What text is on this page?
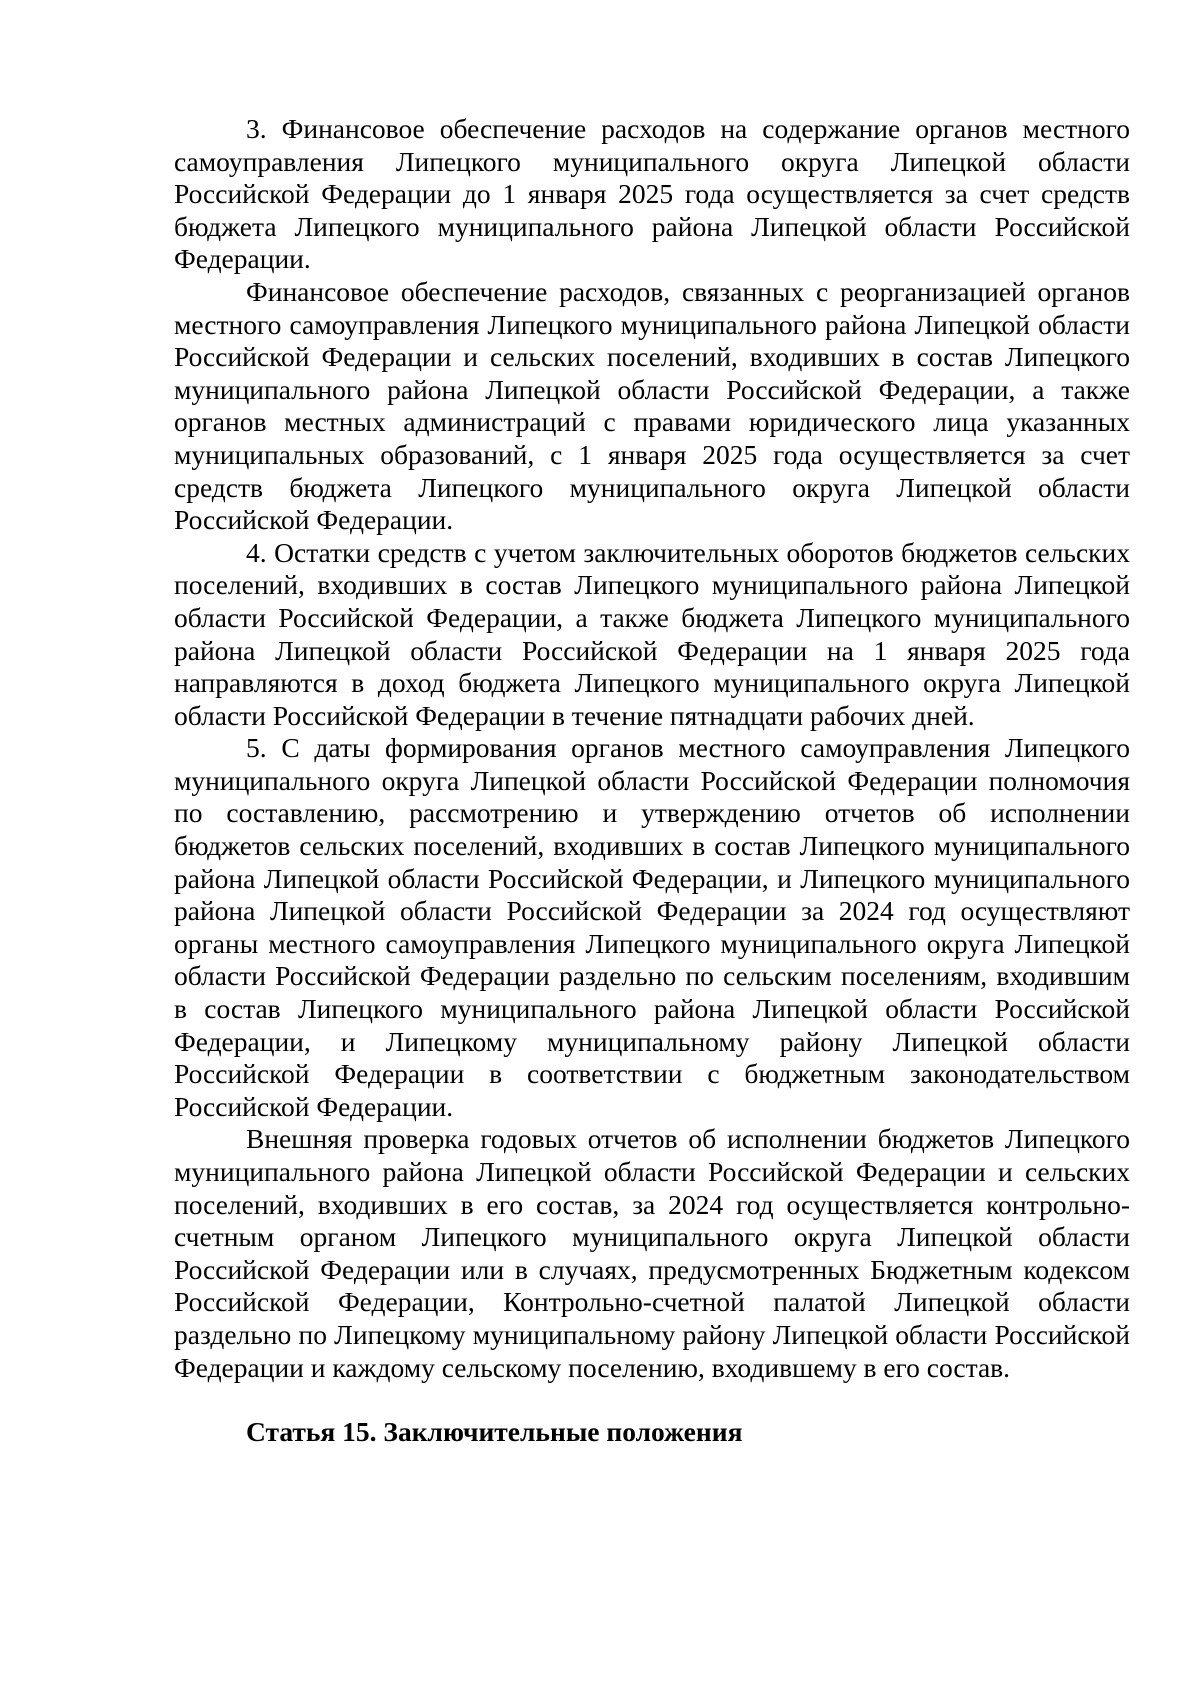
3. Финансовое обеспечение расходов на содержание органов местного самоуправления Липецкого муниципального округа Липецкой области Российской Федерации до 1 января 2025 года осуществляется за счет средств бюджета Липецкого муниципального района Липецкой области Российской Федерации.

Финансовое обеспечение расходов, связанных с реорганизацией органов местного самоуправления Липецкого муниципального района Липецкой области Российской Федерации и сельских поселений, входивших в состав Липецкого муниципального района Липецкой области Российской Федерации, а также органов местных администраций с правами юридического лица указанных муниципальных образований, с 1 января 2025 года осуществляется за счет средств бюджета Липецкого муниципального округа Липецкой области Российской Федерации.

4. Остатки средств с учетом заключительных оборотов бюджетов сельских поселений, входивших в состав Липецкого муниципального района Липецкой области Российской Федерации, а также бюджета Липецкого муниципального района Липецкой области Российской Федерации на 1 января 2025 года направляются в доход бюджета Липецкого муниципального округа Липецкой области Российской Федерации в течение пятнадцати рабочих дней.

5. С даты формирования органов местного самоуправления Липецкого муниципального округа Липецкой области Российской Федерации полномочия по составлению, рассмотрению и утверждению отчетов об исполнении бюджетов сельских поселений, входивших в состав Липецкого муниципального района Липецкой области Российской Федерации, и Липецкого муниципального района Липецкой области Российской Федерации за 2024 год осуществляют органы местного самоуправления Липецкого муниципального округа Липецкой области Российской Федерации раздельно по сельским поселениям, входившим в состав Липецкого муниципального района Липецкой области Российской Федерации, и Липецкому муниципальному району Липецкой области Российской Федерации в соответствии с бюджетным законодательством Российской Федерации.

Внешняя проверка годовых отчетов об исполнении бюджетов Липецкого муниципального района Липецкой области Российской Федерации и сельских поселений, входивших в его состав, за 2024 год осуществляется контрольно-счетным органом Липецкого муниципального округа Липецкой области Российской Федерации или в случаях, предусмотренных Бюджетным кодексом Российской Федерации, Контрольно-счетной палатой Липецкой области раздельно по Липецкому муниципальному району Липецкой области Российской Федерации и каждому сельскому поселению, входившему в его состав.

Статья 15. Заключительные положения
